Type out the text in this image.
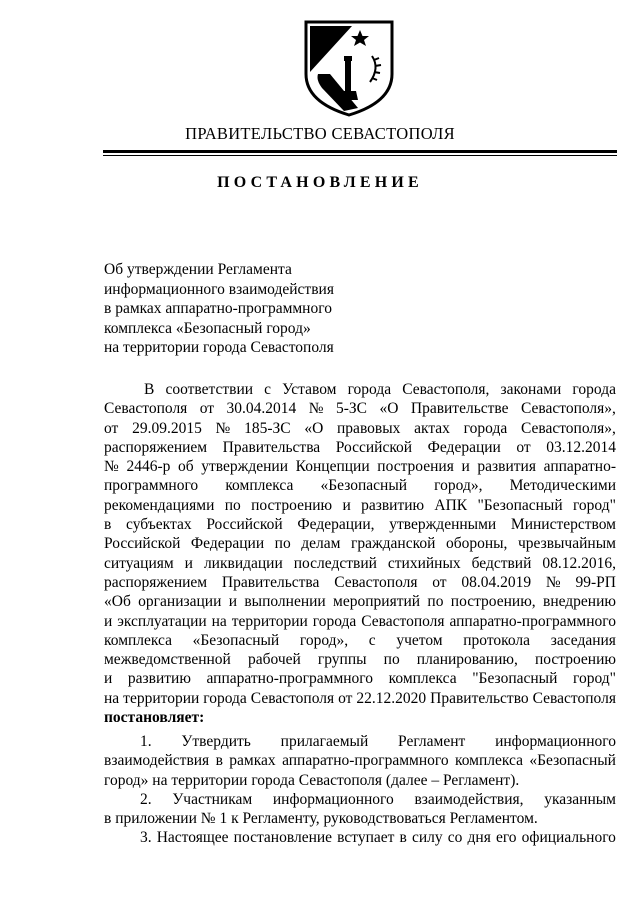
ПРАВИТЕЛЬСТВО СЕВАСТОПОЛЯ
ПОСТАНОВЛЕНИЕ
Об утверждении Регламента
информационного взаимодействия
в рамках аппаратно-программного
комплекса «Безопасный город»
на территории города Севастополя
В соответствии с Уставом города Севастополя, законами города
Севастополя от 30.04.2014 № 5-ЗС «О Правительстве Севастополя»,
от 29.09.2015 № 185-ЗС «О правовых актах города Севастополя»,
распоряжением Правительства Российской Федерации от 03.12.2014
№ 2446-р об утверждении Концепции построения и развития аппаратно-
программного комплекса «Безопасный город», Методическими
рекомендациями по построению и развитию АПК "Безопасный город"
в субъектах Российской Федерации, утвержденными Министерством
Российской Федерации по делам гражданской обороны, чрезвычайным
ситуациям и ликвидации последствий стихийных бедствий 08.12.2016,
распоряжением Правительства Севастополя от 08.04.2019 № 99-РП
«Об организации и выполнении мероприятий по построению, внедрению
и эксплуатации на территории города Севастополя аппаратно-программного
комплекса «Безопасный город», с учетом протокола заседания
межведомственной рабочей группы по планированию, построению
и развитию аппаратно-программного комплекса "Безопасный город"
на территории города Севастополя от 22.12.2020 Правительство Севастополя
постановляет:
1. Утвердить прилагаемый Регламент информационного
взаимодействия в рамках аппаратно-программного комплекса «Безопасный
город» на территории города Севастополя (далее – Регламент).
2. Участникам информационного взаимодействия, указанным
в приложении № 1 к Регламенту, руководствоваться Регламентом.
3. Настоящее постановление вступает в силу со дня его официального
